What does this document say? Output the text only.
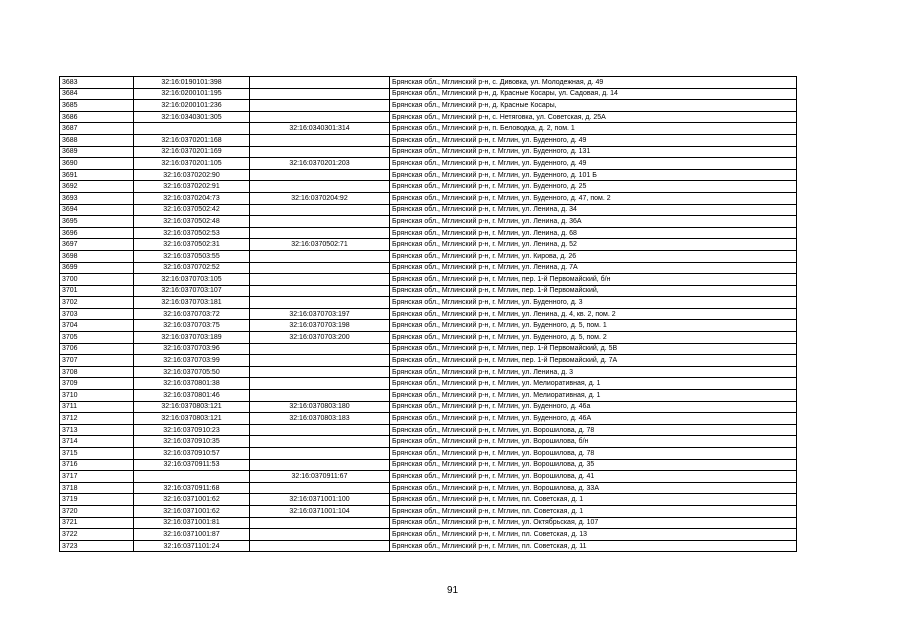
3683	32:16:0190101:398		Брянская обл., Мглинский р-н, с. Дивовка, ул. Молодежная, д. 49
3684	32:16:0200101:195		Брянская обл., Мглинский р-н, д. Красные Косары, ул. Садовая, д. 14
3685	32:16:0200101:236		Брянская обл., Мглинский р-н, д. Красные Косары,
3686	32:16:0340301:305		Брянская обл., Мглинский р-н, с. Нетяговка, ул. Советская, д. 25А
3687		32:16:0340301:314	Брянская обл., Мглинский р-н, п. Беловодка, д. 2, пом. 1
3688	32:16:0370201:168		Брянская обл., Мглинский р-н, г. Мглин, ул. Буденного, д. 49
3689	32:16:0370201:169		Брянская обл., Мглинский р-н, г. Мглин, ул. Буденного, д. 131
3690	32:16:0370201:105	32:16:0370201:203	Брянская обл., Мглинский р-н, г. Мглин, ул. Буденного, д. 49
3691	32:16:0370202:90		Брянская обл., Мглинский р-н, г. Мглин, ул. Буденного, д. 101 Б
3692	32:16:0370202:91		Брянская обл., Мглинский р-н, г. Мглин, ул. Буденного, д. 25
3693	32:16:0370204:73	32:16:0370204:92	Брянская обл., Мглинский р-н, г. Мглин, ул. Буденного, д. 47, пом. 2
3694	32:16:0370502:42		Брянская обл., Мглинский р-н, г. Мглин, ул. Ленина, д. 34
3695	32:16:0370502:48		Брянская обл., Мглинский р-н, г. Мглин, ул. Ленина, д. 36А
3696	32:16:0370502:53		Брянская обл., Мглинский р-н, г. Мглин, ул. Ленина, д. 68
3697	32:16:0370502:31	32:16:0370502:71	Брянская обл., Мглинский р-н, г. Мглин, ул. Ленина, д. 52
3698	32:16:0370503:55		Брянская обл., Мглинский р-н, г. Мглин, ул. Кирова, д. 26
3699	32:16:0370702:52		Брянская обл., Мглинский р-н, г. Мглин, ул. Ленина, д. 7А
3700	32:16:0370703:105		Брянская обл., Мглинский р-н, г. Мглин, пер. 1-й Первомайский, б/н
3701	32:16:0370703:107		Брянская обл., Мглинский р-н, г. Мглин, пер. 1-й Первомайский,
3702	32:16:0370703:181		Брянская обл., Мглинский р-н, г. Мглин, ул. Буденного, д. 3
3703	32:16:0370703:72	32:16:0370703:197	Брянская обл., Мглинский р-н, г. Мглин, ул. Ленина, д. 4, кв. 2, пом. 2
3704	32:16:0370703:75	32:16:0370703:198	Брянская обл., Мглинский р-н, г. Мглин, ул. Буденного, д. 5, пом. 1
3705	32:16:0370703:189	32:16:0370703:200	Брянская обл., Мглинский р-н, г. Мглин, ул. Буденного, д. 5, пом. 2
3706	32:16:0370703:96		Брянская обл., Мглинский р-н, г. Мглин, пер. 1-й Первомайский, д. 5В
3707	32:16:0370703:99		Брянская обл., Мглинский р-н, г. Мглин, пер. 1-й Первомайский, д. 7А
3708	32:16:0370705:50		Брянская обл., Мглинский р-н, г. Мглин, ул. Ленина, д. 3
3709	32:16:0370801:38		Брянская обл., Мглинский р-н, г. Мглин, ул. Мелиоративная, д. 1
3710	32:16:0370801:46		Брянская обл., Мглинский р-н, г. Мглин, ул. Мелиоративная, д. 1
3711	32:16:0370803:121	32:16:0370803:180	Брянская обл., Мглинский р-н, г. Мглин, ул. Буденного, д. 46а
3712	32:16:0370803:121	32:16:0370803:183	Брянская обл., Мглинский р-н, г. Мглин, ул. Буденного, д. 46А
3713	32:16:0370910:23		Брянская обл., Мглинский р-н, г. Мглин, ул. Ворошилова, д. 78
3714	32:16:0370910:35		Брянская обл., Мглинский р-н, г. Мглин, ул. Ворошилова, б/н
3715	32:16:0370910:57		Брянская обл., Мглинский р-н, г. Мглин, ул. Ворошилова, д. 78
3716	32:16:0370911:53		Брянская обл., Мглинский р-н, г. Мглин, ул. Ворошилова, д. 35
3717		32:16:0370911:67	Брянская обл., Мглинский р-н, г. Мглин, ул. Ворошилова, д. 41
3718	32:16:0370911:68		Брянская обл., Мглинский р-н, г. Мглин, ул. Ворошилова, д. 33А
3719	32:16:0371001:62	32:16:0371001:100	Брянская обл., Мглинский р-н, г. Мглин, пл. Советская, д. 1
3720	32:16:0371001:62	32:16:0371001:104	Брянская обл., Мглинский р-н, г. Мглин, пл. Советская, д. 1
3721	32:16:0371001:81		Брянская обл., Мглинский р-н, г. Мглин, ул. Октябрьская, д. 107
3722	32:16:0371001:87		Брянская обл., Мглинский р-н, г. Мглин, пл. Советская, д. 13
3723	32:16:0371101:24		Брянская обл., Мглинский р-н, г. Мглин, пл. Советская, д. 11
91
